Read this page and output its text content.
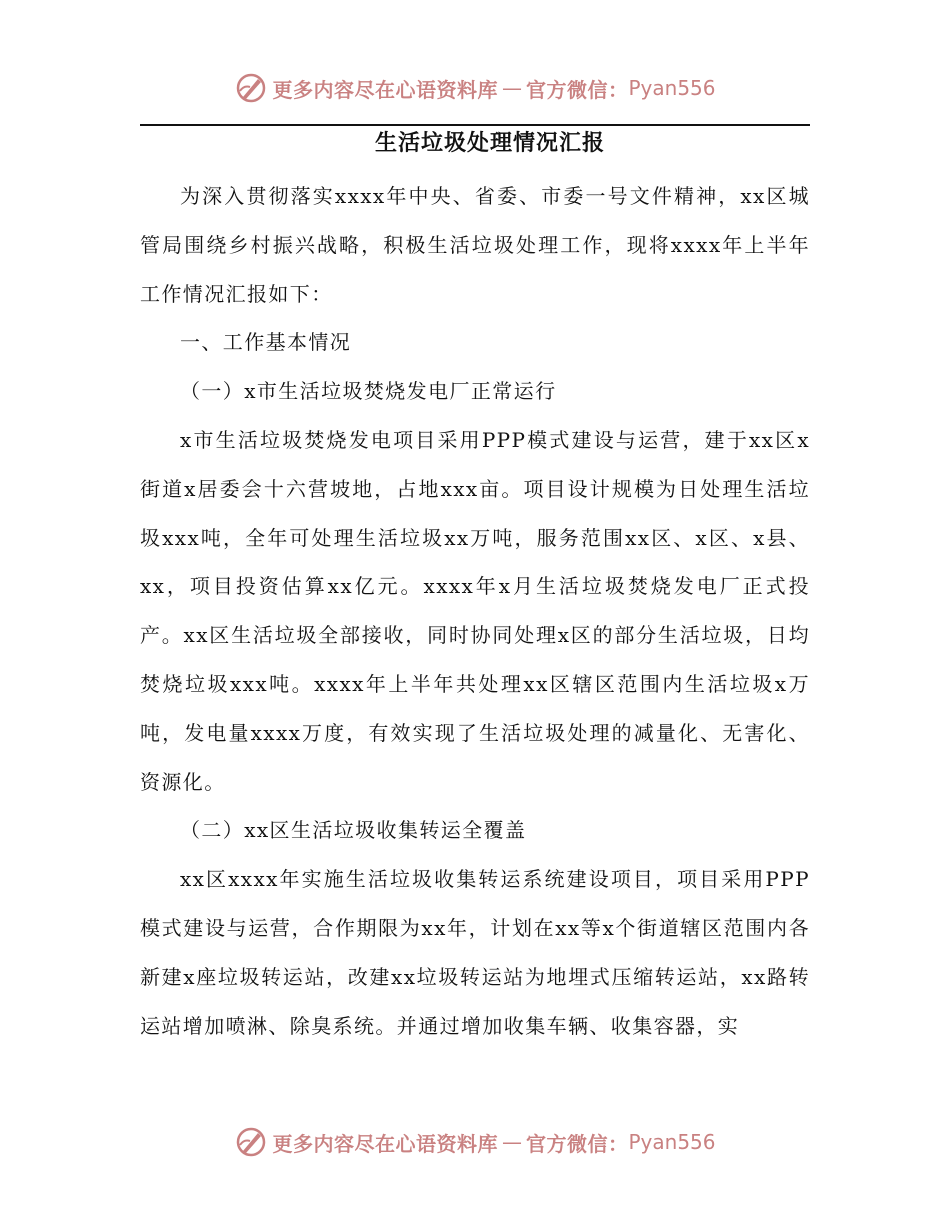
更多内容尽在心语资料库 — 官方微信： Pyan556
生活垃圾处理情况汇报

为深入贯彻落实xxxx年中央、省委、市委一号文件精神，xx区城管局围绕乡村振兴战略，积极生活垃圾处理工作，现将xxxx年上半年工作情况汇报如下：

一、工作基本情况

（一）x市生活垃圾焚烧发电厂正常运行

x市生活垃圾焚烧发电项目采用PPP模式建设与运营，建于xx区x街道x居委会十六营坡地，占地xxx亩。项目设计规模为日处理生活垃圾xxx吨，全年可处理生活垃圾xx万吨，服务范围xx区、x区、x县、xx，项目投资估算xx亿元。xxxx年x月生活垃圾焚烧发电厂正式投产。xx区生活垃圾全部接收，同时协同处理x区的部分生活垃圾，日均焚烧垃圾xxx吨。xxxx年上半年共处理xx区辖区范围内生活垃圾x万吨，发电量xxxx万度，有效实现了生活垃圾处理的减量化、无害化、资源化。

（二）xx区生活垃圾收集转运全覆盖

xx区xxxx年实施生活垃圾收集转运系统建设项目，项目采用PPP模式建设与运营，合作期限为xx年，计划在xx等x个街道辖区范围内各新建x座垃圾转运站，改建xx垃圾转运站为地埋式压缩转运站，xx路转运站增加喷淋、除臭系统。并通过增加收集车辆、收集容器，实

更多内容尽在心语资料库 — 官方微信： Pyan556
